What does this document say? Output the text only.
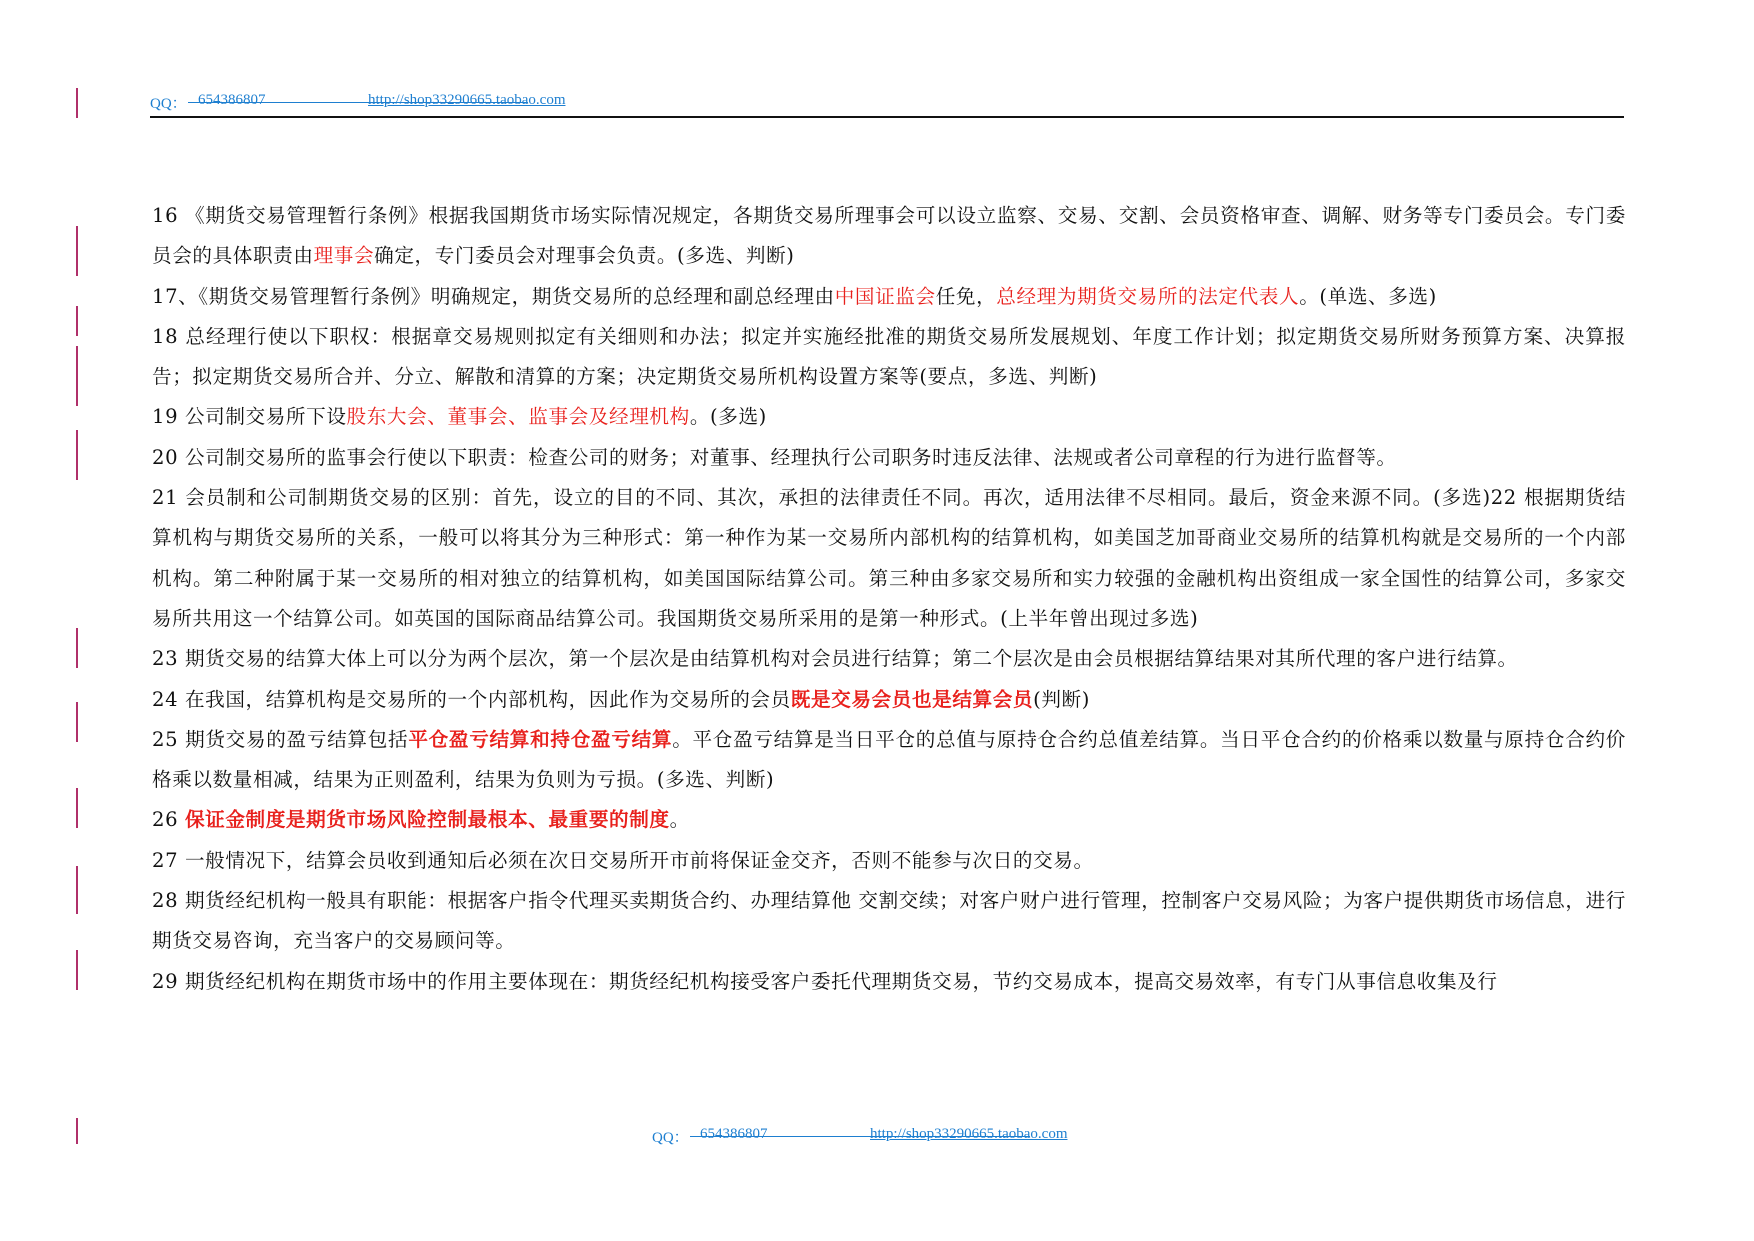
QQ： 654386807	http://shop33290665.taobao.com

16 《期货交易管理暂行条例》根据我国期货市场实际情况规定，各期货交易所理事会可以设立监察、交易、交割、会员资格审查、调解、财务等专门委员会。专门委员会的具体职责由理事会确定，专门委员会对理事会负责。(多选、判断)

17、《期货交易管理暂行条例》明确规定，期货交易所的总经理和副总经理由中国证监会任免，总经理为期货交易所的法定代表人。(单选、多选)

18 总经理行使以下职权：根据章交易规则拟定有关细则和办法；拟定并实施经批准的期货交易所发展规划、年度工作计划；拟定期货交易所财务预算方案、决算报告；拟定期货交易所合并、分立、解散和清算的方案；决定期货交易所机构设置方案等(要点，多选、判断)

19 公司制交易所下设股东大会、董事会、监事会及经理机构。(多选)

20 公司制交易所的监事会行使以下职责：检查公司的财务；对董事、经理执行公司职务时违反法律、法规或者公司章程的行为进行监督等。

21 会员制和公司制期货交易的区别：首先，设立的目的不同、其次，承担的法律责任不同。再次，适用法律不尽相同。最后，资金来源不同。(多选)22 根据期货结算机构与期货交易所的关系，一般可以将其分为三种形式：第一种作为某一交易所内部机构的结算机构，如美国芝加哥商业交易所的结算机构就是交易所的一个内部机构。第二种附属于某一交易所的相对独立的结算机构，如美国国际结算公司。第三种由多家交易所和实力较强的金融机构出资组成一家全国性的结算公司，多家交易所共用这一个结算公司。如英国的国际商品结算公司。我国期货交易所采用的是第一种形式。(上半年曾出现过多选)

23 期货交易的结算大体上可以分为两个层次，第一个层次是由结算机构对会员进行结算；第二个层次是由会员根据结算结果对其所代理的客户进行结算。

24 在我国，结算机构是交易所的一个内部机构，因此作为交易所的会员既是交易会员也是结算会员(判断)

25 期货交易的盈亏结算包括平仓盈亏结算和持仓盈亏结算。平仓盈亏结算是当日平仓的总值与原持仓合约总值差结算。当日平仓合约的价格乘以数量与原持仓合约价格乘以数量相减，结果为正则盈利，结果为负则为亏损。(多选、判断)

26 保证金制度是期货市场风险控制最根本、最重要的制度。

27 一般情况下，结算会员收到通知后必须在次日交易所开市前将保证金交齐，否则不能参与次日的交易。

28 期货经纪机构一般具有职能：根据客户指令代理买卖期货合约、办理结算他 交割交续；对客户财户进行管理，控制客户交易风险；为客户提供期货市场信息，进行期货交易咨询，充当客户的交易顾问等。

29 期货经纪机构在期货市场中的作用主要体现在：期货经纪机构接受客户委托代理期货交易，节约交易成本，提高交易效率，有专门从事信息收集及行

QQ： 654386807	http://shop33290665.taobao.com
